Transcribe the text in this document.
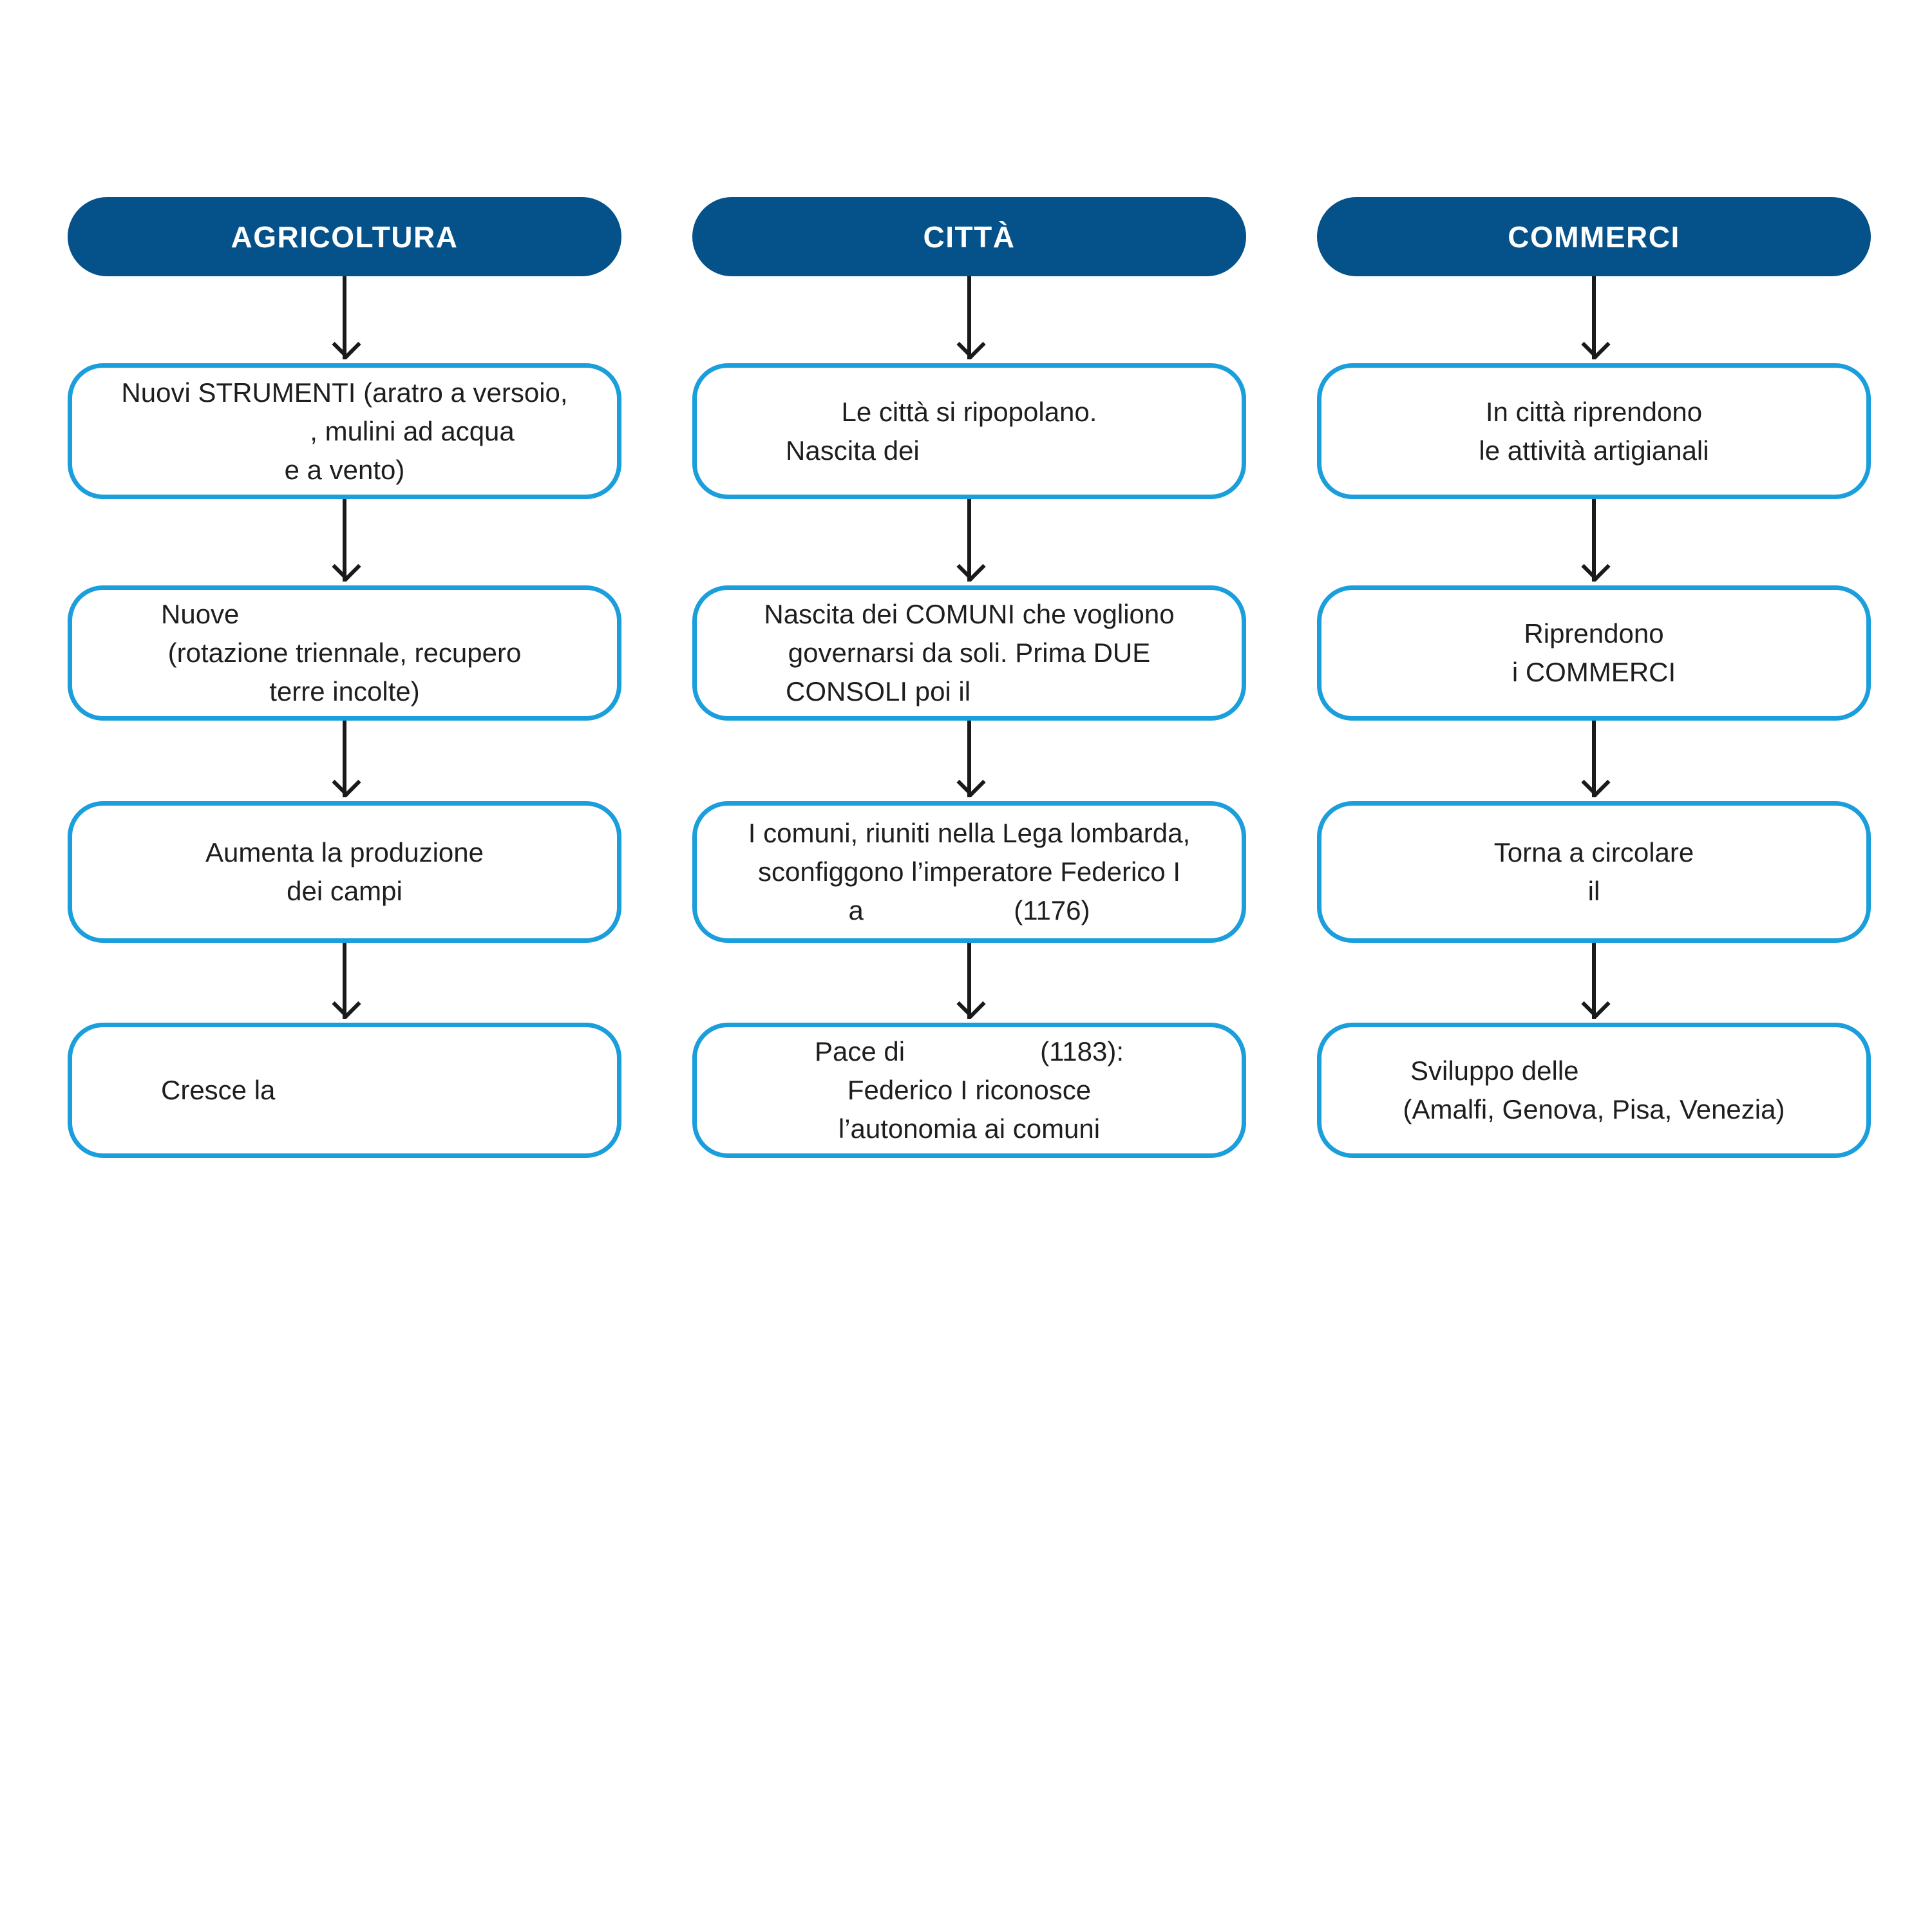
AGRICOLTURA
Nuovi STRUMENTI (aratro a versoio,
, mulini ad acqua
e a vento)
Nuove
(rotazione triennale, recupero
terre incolte)
Aumenta la produzione
dei campi
Cresce la
CITTÀ
Le città si ripopolano.
Nascita dei
Nascita dei COMUNI che vogliono
governarsi da soli. Prima DUE
CONSOLI poi il
I comuni, riuniti nella Lega lombarda,
sconfiggono l’imperatore Federico I
a                    (1176)
Pace di                  (1183):
Federico I riconosce
l’autonomia ai comuni
COMMERCI
In città riprendono
le attività artigianali
Riprendono
i COMMERCI
Torna a circolare
il
Sviluppo delle
(Amalfi, Genova, Pisa, Venezia)
